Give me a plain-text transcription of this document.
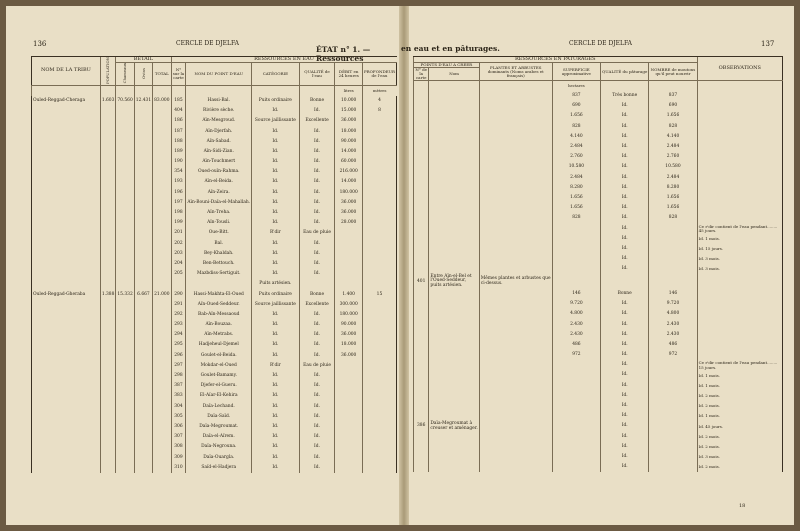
136	CERCLE DE DJELFA
ÉTAT n° 1. — Ressources
NOM DE LA TRIBU	POPULATION	BÉTAIL			RESSOURCES EN EAU					
		Chameaux	Ovins	TOTAL	N° sur la carte	NOM DU POINT D'EAU	CATÉGORIE	QUALITÉ de l'eau	DÉBIT en 24 heures	PROFONDEUR de l'eau

									litres	mètres
Ouled-Reggad-Cheraga	1.603	70.560	12.431	83.000	185	Hassi-Bal.	Puits ordinaire	Bonne	10.000	4
					404	Rivière sèche.	Id.	Id.	15.000	8
					186	Aïn-Mesgroud.	Source jaillissante	Excellente	36.000	
					187	Aïn-Djerfah.	Id.	Id.	18.000	
					188	Aïn-Sabad.	Id.	Id.	90.000	
					189	Aïn-Sidi-Zian.	Id.	Id.	14.000	
					190	Aïn-Touchmert	Id.	Id.	60.000	
					354	Oued-ouïn-Rahma.	Id.	Id.	216.000	
					193	Aïn-el-Beida.	Id.	Id.	14.000	
					196	Aïn-Zeira.	Id.	Id.	180.000	
					197	Aïn-Bouni-Daïa-el-Mahallah.	Id.	Id.	36.000	
					198	Aïn-Treha.	Id.	Id.	36.000	
					199	Aïn-Tousli.	Id.	Id.	28.000	
					201	Oue-Bitt.	R'dir	Eau de pluie		
					202	Bal.	Id.	Id.		
					203	Bey-Khaldah.	Id.	Id.		
					204	Ben-Bettouch.	Id.	Id.		
					205	Mazbdiss-Sertiguit.	Id.	Id.		
							Puits artésien.			
Ouled-Reggad-Gheraba	1.388	15.332	6.667	21.000	290	Hassi-Makhta-El-Oued	Puits ordinaire	Bonne	1.400	15
					291	Aïn-Oued-Seddeur.	Source jaillissante	Excellente	300.000	
					292	Bab-Aïn-Messaoud	Id.	Id.	180.000	
					293	Aïn-Bouzaa.	Id.	Id.	90.000	
					294	Aïn-Metrabs.	Id.	Id.	36.000	
					295	Hadjeheul-Djemel	Id.	Id.	18.000	
					296	Goulet-el-Beida.	Id.	Id.	36.000	
					297	Mokdar-el-Oued	R'dir	Eau de pluie		
					298	Goulet-Bamamy.	Id.	Id.		
					387	Djefer-el-Gueru.	Id.	Id.		
					383	El-Aïar-El-Kehira	Id.	Id.		
					304	Daïa-Lechand.	Id.	Id.		
					305	Daïa-Saïd.	Id.	Id.		
					306	Daïa-Megroumat.	Id.	Id.		
					307	Daïa-el-Aïrem.	Id.	Id.		
					308	Daïa-Negrouna.	Id.	Id.		
					309	Daïa-Ouargla.	Id.	Id.		
					310	Saïd-el-Hadjera	Id.	Id.		
en eau et en pâturages.
CERCLE DE DJELFA	137
RESSOURCES EN PATURAGES						OBSERVATIONS
POINTS D'EAU A CREER		PLANTES ET ARBUSTES dominants (Noms arabes et français)	SUPERFICIE approximative	QUALITÉ du pâturage	NOMBRE de moutons qu'il peut nourrir	
N° de la carte	Nom					
			hectares			
			837	Très bonne	837	
			690	Id.	690	
			1.656	Id.	1.656	
			828	Id.	828	
			4.140	Id.	4.140	
			2.484	Id.	2.484	
			2.760	Id.	2.760	
			10.580	Id.	10.580	
			2.484	Id.	2.484	
			8.280	Id.	8.280	
			1.656	Id.	1.656	
			1.656	Id.	1.656	
			828	Id.	828	
				Id.		Ce r'dir contient de l'eau pendant........ 45 jours.
				Id.		Id. 1 mois.
				Id.		Id. 15 jours.
				Id.		Id. 3 mois.
				Id.		Id. 3 mois.
401	Entre Aïn-el-Bel et l'Oued-Seddeur, puits artésien.	Mêmes plantes et arbustes que ci-dessus.				
			146	Bonne	146	
			9.720	Id.	9.720	
			4.800	Id.	4.800	
			2.430	Id.	2.430	
			2.430	Id.	2.430	
			486	Id.	486	
			972	Id.	972	
				Id.		Ce r'dir contient de l'eau pendant........ 15 jours.
				Id.		Id. 1 mois.
				Id.		Id. 1 mois.
				Id.		Id. 2 mois.
				Id.		Id. 2 mois.
				Id.		Id. 1 mois.
386	Daïa-Megroumat à creuser et aménager.			Id.		Id. 45 jours.
				Id.		Id. 2 mois.
				Id.		Id. 2 mois.
				Id.		Id. 3 mois.
				Id.		Id. 2 mois.
18
